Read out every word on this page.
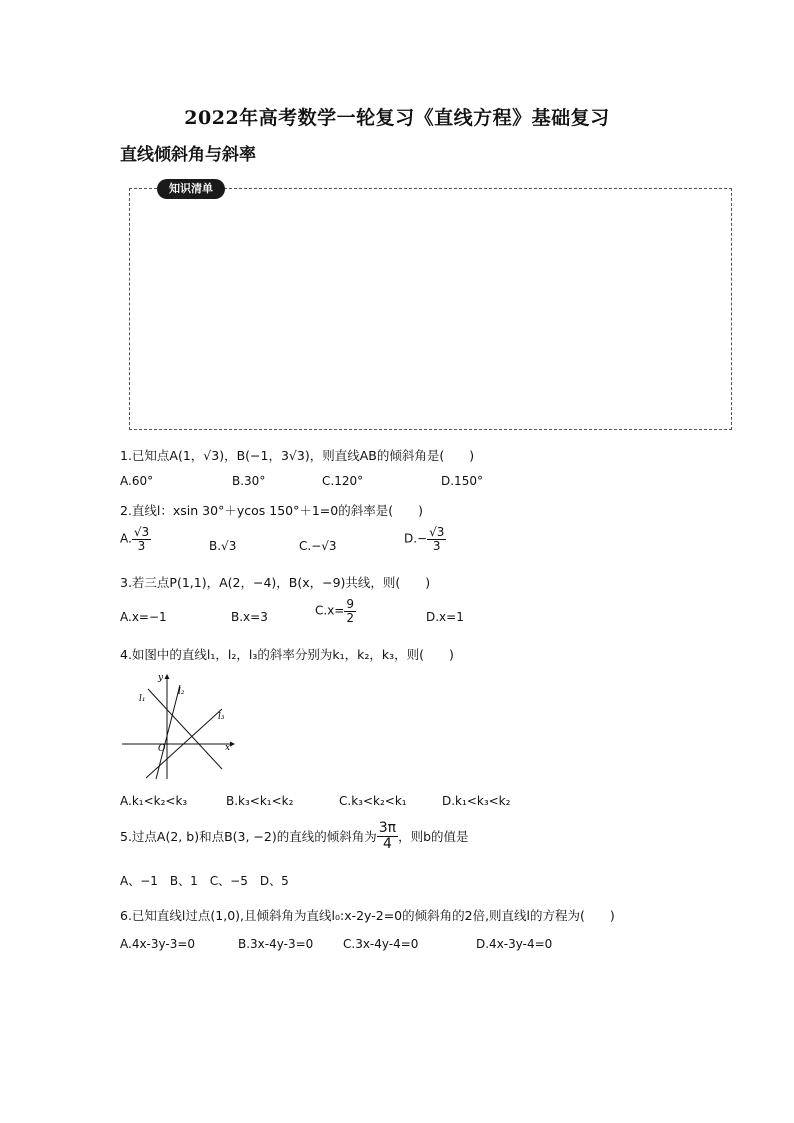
2022年高考数学一轮复习《直线方程》基础复习
直线倾斜角与斜率
知识清单
1.已知点A(1，√3)，B(−1，3√3)，则直线AB的倾斜角是(　　)
A.60°	B.30°	C.120°	D.150°
2.直线l：xsin 30°＋ycos 150°＋1=0的斜率是(　　)
A. $\frac{√3}{3}$	B.√3	C.−√3
$D.- \frac{√3}{3}$
3.若三点P(1,1)，A(2，−4)，B(x，−9)共线，则(　　)
A.x=−1	B.x=3	$C.x= \frac{9}{2}$	D.x=1
4.如图中的直线l₁，l₂，l₃的斜率分别为k₁，k₂，k₃，则(　　)
y
x
O
l₁
l₂
l₃
A.k₁<k₂<k₃	B.k₃<k₁<k₂	C.k₃<k₂<k₁	D.k₁<k₃<k₂
5.过点A(2, b)和点B(3, −2)的直线的倾斜角为 $\frac{3\pi}{4}$ ，则b的值是
A、−1　B、1　C、−5　D、5
6.已知直线l过点(1,0),且倾斜角为直线l₀:x-2y-2=0的倾斜角的2倍,则直线l的方程为(　　)
A.4x-3y-3=0	B.3x-4y-3=0 C.3x-4y-4=0	D.4x-3y-4=0
